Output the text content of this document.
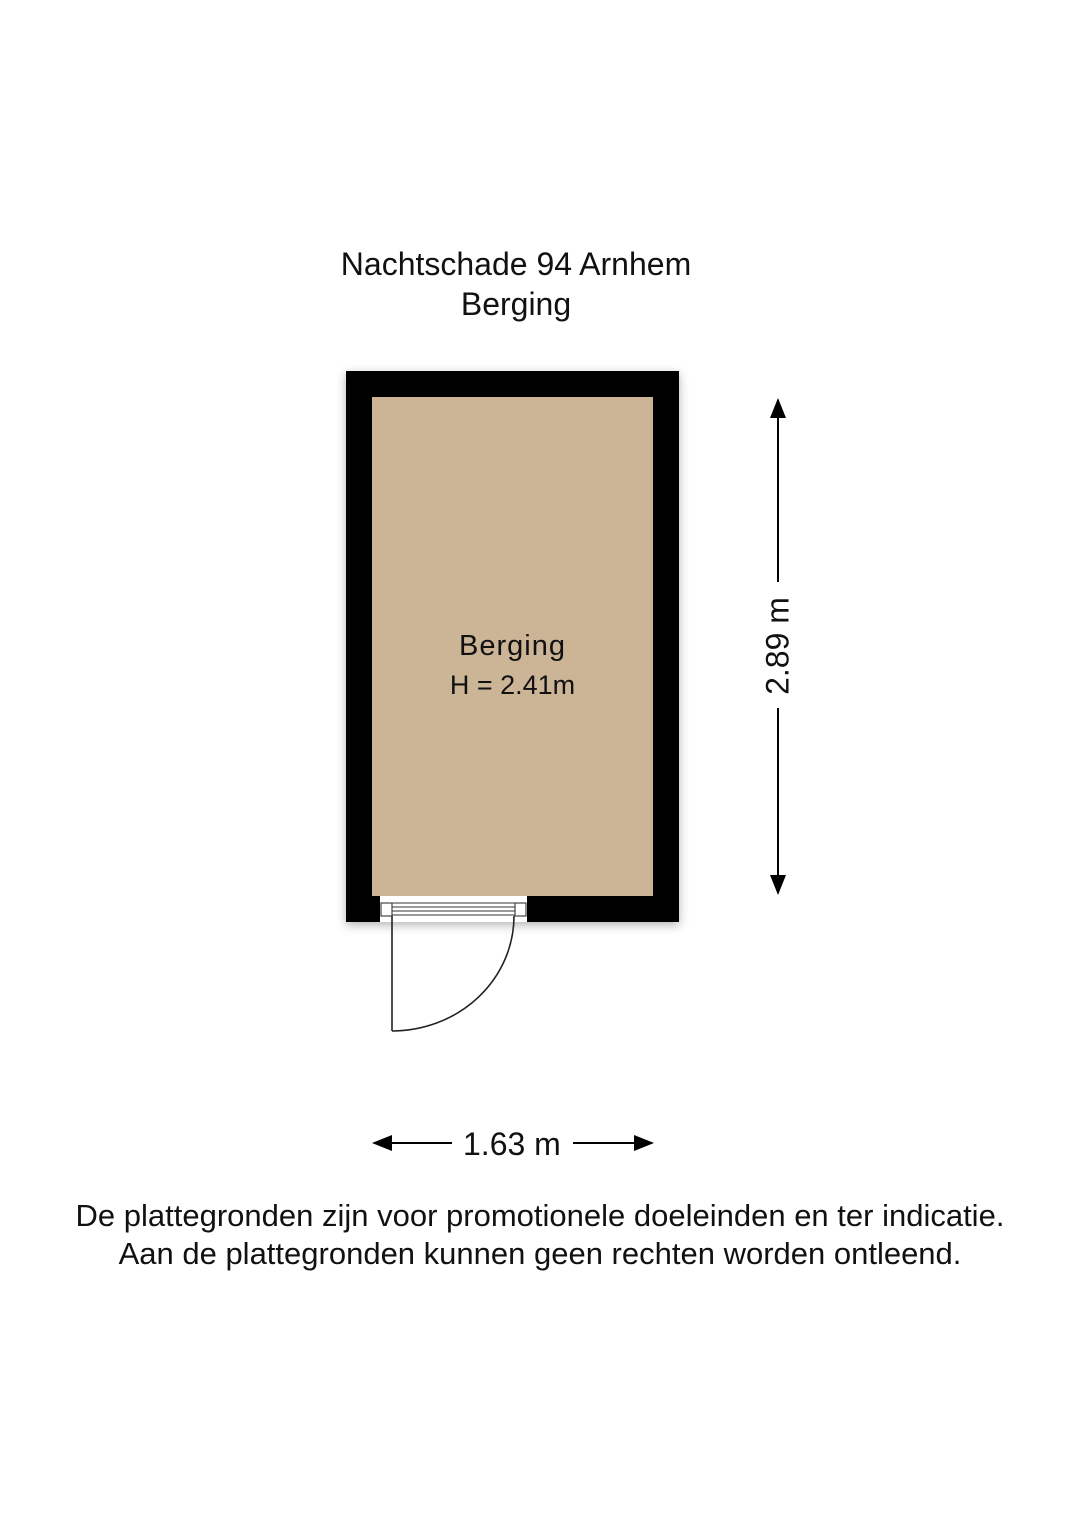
Nachtschade 94 Arnhem
Berging
Berging
H = 2.41m	2.89 m
1.63 m
De plattegronden zijn voor promotionele doeleinden en ter indicatie.
Aan de plattegronden kunnen geen rechten worden ontleend.
